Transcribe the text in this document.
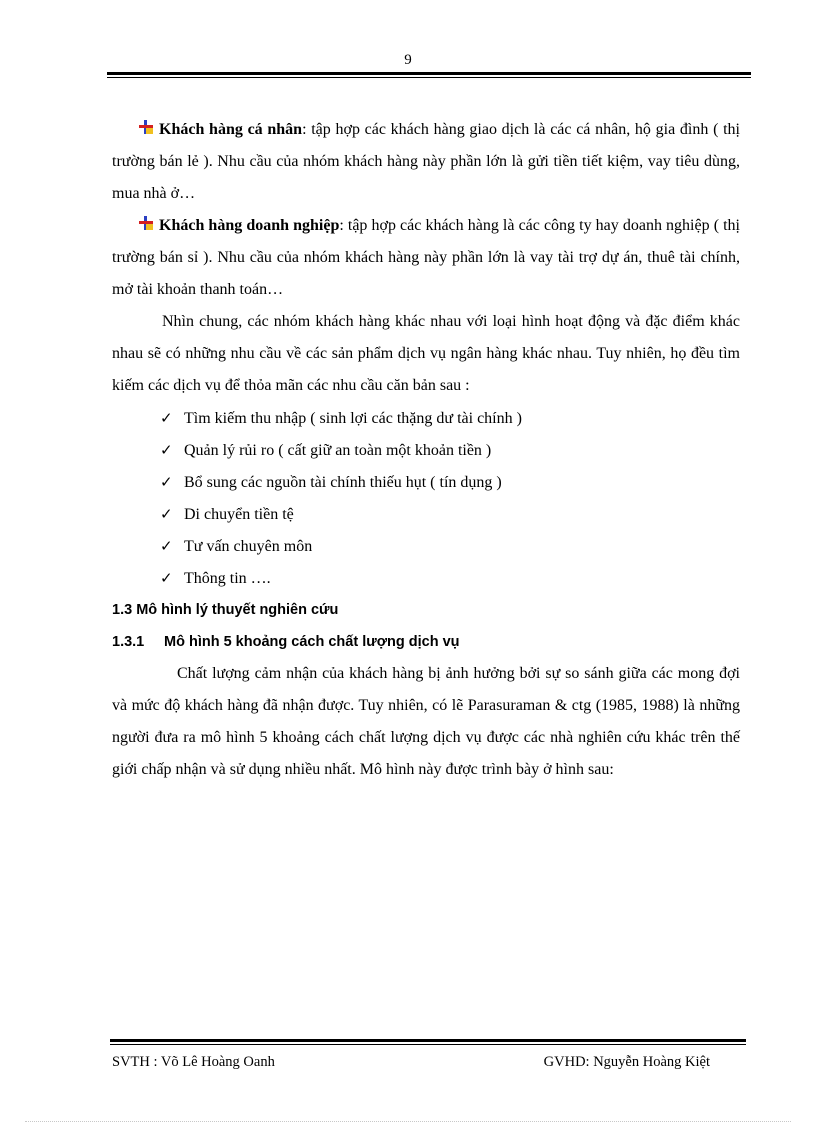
9

Khách hàng cá nhân: tập hợp các khách hàng giao dịch là các cá nhân, hộ gia đình ( thị trường bán lẻ ). Nhu cầu của nhóm khách hàng này phần lớn là gửi tiền tiết kiệm, vay tiêu dùng, mua nhà ở…

Khách hàng doanh nghiệp: tập hợp các khách hàng là các công ty hay doanh nghiệp ( thị trường bán sỉ ). Nhu cầu của nhóm khách hàng này phần lớn là vay tài trợ dự án, thuê tài chính, mở tài khoản thanh toán…

Nhìn chung, các nhóm khách hàng khác nhau với loại hình hoạt động và đặc điểm khác nhau sẽ có những nhu cầu về các sản phẩm dịch vụ ngân hàng khác nhau. Tuy nhiên, họ đều tìm kiếm các dịch vụ để thỏa mãn các nhu cầu căn bản sau :

✓ Tìm kiếm thu nhập ( sinh lợi các thặng dư tài chính )
✓ Quản lý rủi ro ( cất giữ an toàn một khoản tiền )
✓ Bổ sung các nguồn tài chính thiếu hụt ( tín dụng )
✓ Di chuyển tiền tệ
✓ Tư vấn chuyên môn
✓ Thông tin ….

1.3 Mô hình lý thuyết nghiên cứu

1.3.1 Mô hình 5 khoảng cách chất lượng dịch vụ

Chất lượng cảm nhận của khách hàng bị ảnh hưởng bởi sự so sánh giữa các mong đợi và mức độ khách hàng đã nhận được. Tuy nhiên, có lẽ Parasuraman & ctg (1985, 1988) là những người đưa ra mô hình 5 khoảng cách chất lượng dịch vụ được các nhà nghiên cứu khác trên thế giới chấp nhận và sử dụng nhiều nhất. Mô hình này được trình bày ở hình sau:

SVTH : Võ Lê Hoàng Oanh	GVHD: Nguyễn Hoàng Kiệt
